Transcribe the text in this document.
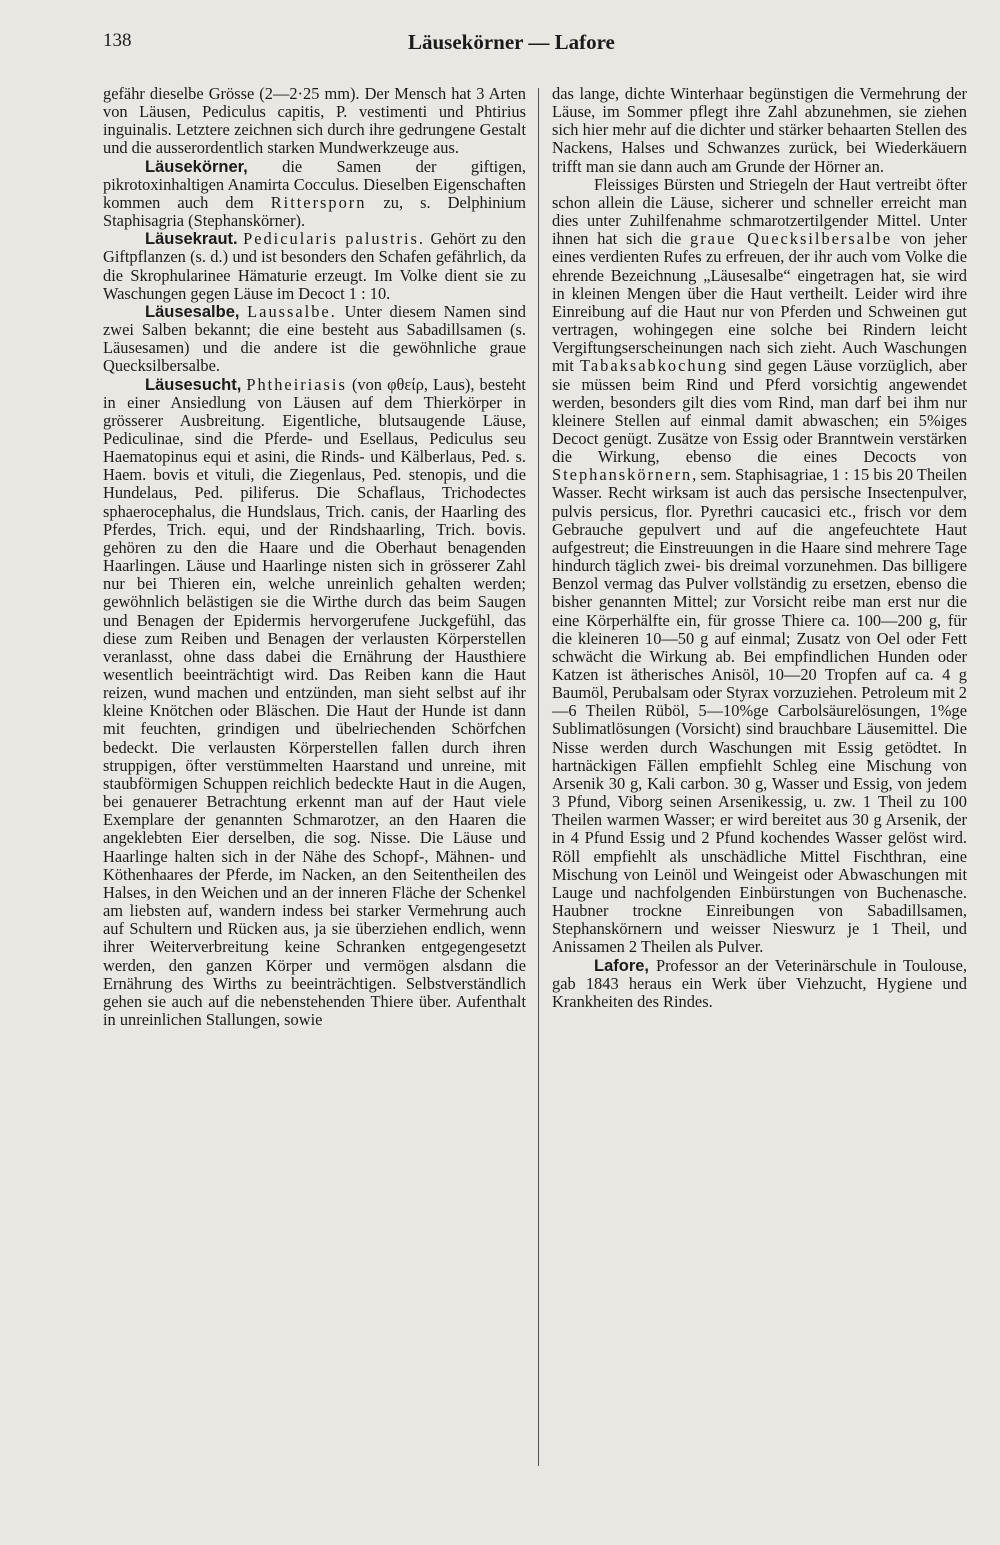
138	Läusekörner — Lafore

gefähr dieselbe Grösse (2—2·25 mm). Der Mensch hat 3 Arten von Läusen, Pediculus capitis, P. vestimenti und Phtirius inguinalis. Letztere zeichnen sich durch ihre gedrungene Gestalt und die ausserordentlich starken Mundwerkzeuge aus.

Läusekörner, die Samen der giftigen, pikrotoxinhaltigen Anamirta Cocculus. Dieselben Eigenschaften kommen auch dem Rittersporn zu, s. Delphinium Staphisagria (Stephanskörner).

Läusekraut. Pedicularis palustris. Gehört zu den Giftpflanzen (s. d.) und ist besonders den Schafen gefährlich, da die Skrophularinee Hämaturie erzeugt. Im Volke dient sie zu Waschungen gegen Läuse im Decoct 1 : 10.

Läusesalbe, Laussalbe. Unter diesem Namen sind zwei Salben bekannt; die eine besteht aus Sabadillsamen (s. Läusesamen) und die andere ist die gewöhnliche graue Quecksilbersalbe.

Läusesucht, Phtheiriasis (von φθείρ, Laus), besteht in einer Ansiedlung von Läusen auf dem Thierkörper in grösserer Ausbreitung. Eigentliche, blutsaugende Läuse, Pediculinae, sind die Pferde- und Esellaus, Pediculus seu Haematopinus equi et asini, die Rinds- und Kälberlaus, Ped. s. Haem. bovis et vituli, die Ziegenlaus, Ped. stenopis, und die Hundelaus, Ped. piliferus. Die Schaflaus, Trichodectes sphaerocephalus, die Hundslaus, Trich. canis, der Haarling des Pferdes, Trich. equi, und der Rindshaarling, Trich. bovis. gehören zu den die Haare und die Oberhaut benagenden Haarlingen. Läuse und Haarlinge nisten sich in grösserer Zahl nur bei Thieren ein, welche unreinlich gehalten werden; gewöhnlich belästigen sie die Wirthe durch das beim Saugen und Benagen der Epidermis hervorgerufene Juckgefühl, das diese zum Reiben und Benagen der verlausten Körperstellen veranlasst, ohne dass dabei die Ernährung der Hausthiere wesentlich beeinträchtigt wird. Das Reiben kann die Haut reizen, wund machen und entzünden, man sieht selbst auf ihr kleine Knötchen oder Bläschen. Die Haut der Hunde ist dann mit feuchten, grindigen und übelriechenden Schörfchen bedeckt. Die verlausten Körperstellen fallen durch ihren struppigen, öfter verstümmelten Haarstand und unreine, mit staubförmigen Schuppen reichlich bedeckte Haut in die Augen, bei genauerer Betrachtung erkennt man auf der Haut viele Exemplare der genannten Schmarotzer, an den Haaren die angeklebten Eier derselben, die sog. Nisse. Die Läuse und Haarlinge halten sich in der Nähe des Schopf-, Mähnen- und Köthenhaares der Pferde, im Nacken, an den Seitentheilen des Halses, in den Weichen und an der inneren Fläche der Schenkel am liebsten auf, wandern indess bei starker Vermehrung auch auf Schultern und Rücken aus, ja sie überziehen endlich, wenn ihrer Weiterverbreitung keine Schranken entgegengesetzt werden, den ganzen Körper und vermögen alsdann die Ernährung des Wirths zu beeinträchtigen. Selbstverständlich gehen sie auch auf die nebenstehenden Thiere über. Aufenthalt in unreinlichen Stallungen, sowie

das lange, dichte Winterhaar begünstigen die Vermehrung der Läuse, im Sommer pflegt ihre Zahl abzunehmen, sie ziehen sich hier mehr auf die dichter und stärker behaarten Stellen des Nackens, Halses und Schwanzes zurück, bei Wiederkäuern trifft man sie dann auch am Grunde der Hörner an.

Fleissiges Bürsten und Striegeln der Haut vertreibt öfter schon allein die Läuse, sicherer und schneller erreicht man dies unter Zuhilfenahme schmarotzertilgender Mittel. Unter ihnen hat sich die graue Quecksilbersalbe von jeher eines verdienten Rufes zu erfreuen, der ihr auch vom Volke die ehrende Bezeichnung „Läusesalbe“ eingetragen hat, sie wird in kleinen Mengen über die Haut vertheilt. Leider wird ihre Einreibung auf die Haut nur von Pferden und Schweinen gut vertragen, wohingegen eine solche bei Rindern leicht Vergiftungserscheinungen nach sich zieht. Auch Waschungen mit Tabaksabkochung sind gegen Läuse vorzüglich, aber sie müssen beim Rind und Pferd vorsichtig angewendet werden, besonders gilt dies vom Rind, man darf bei ihm nur kleinere Stellen auf einmal damit abwaschen; ein 5%iges Decoct genügt. Zusätze von Essig oder Branntwein verstärken die Wirkung, ebenso die eines Decocts von Stephanskörnern, sem. Staphisagriae, 1 : 15 bis 20 Theilen Wasser. Recht wirksam ist auch das persische Insectenpulver, pulvis persicus, flor. Pyrethri caucasici etc., frisch vor dem Gebrauche gepulvert und auf die angefeuchtete Haut aufgestreut; die Einstreuungen in die Haare sind mehrere Tage hindurch täglich zwei- bis dreimal vorzunehmen. Das billigere Benzol vermag das Pulver vollständig zu ersetzen, ebenso die bisher genannten Mittel; zur Vorsicht reibe man erst nur die eine Körperhälfte ein, für grosse Thiere ca. 100—200 g, für die kleineren 10—50 g auf einmal; Zusatz von Oel oder Fett schwächt die Wirkung ab. Bei empfindlichen Hunden oder Katzen ist ätherisches Anisöl, 10—20 Tropfen auf ca. 4 g Baumöl, Perubalsam oder Styrax vorzuziehen. Petroleum mit 2—6 Theilen Rüböl, 5—10%ge Carbolsäurelösungen, 1%ge Sublimatlösungen (Vorsicht) sind brauchbare Läusemittel. Die Nisse werden durch Waschungen mit Essig getödtet. In hartnäckigen Fällen empfiehlt Schleg eine Mischung von Arsenik 30 g, Kali carbon. 30 g, Wasser und Essig, von jedem 3 Pfund, Viborg seinen Arsenikessig, u. zw. 1 Theil zu 100 Theilen warmen Wasser; er wird bereitet aus 30 g Arsenik, der in 4 Pfund Essig und 2 Pfund kochendes Wasser gelöst wird. Röll empfiehlt als unschädliche Mittel Fischthran, eine Mischung von Leinöl und Weingeist oder Abwaschungen mit Lauge und nachfolgenden Einbürstungen von Buchenasche. Haubner trockne Einreibungen von Sabadillsamen, Stephanskörnern und weisser Nieswurz je 1 Theil, und Anissamen 2 Theilen als Pulver.

Lafore, Professor an der Veterinärschule in Toulouse, gab 1843 heraus ein Werk über Viehzucht, Hygiene und Krankheiten des Rindes.
